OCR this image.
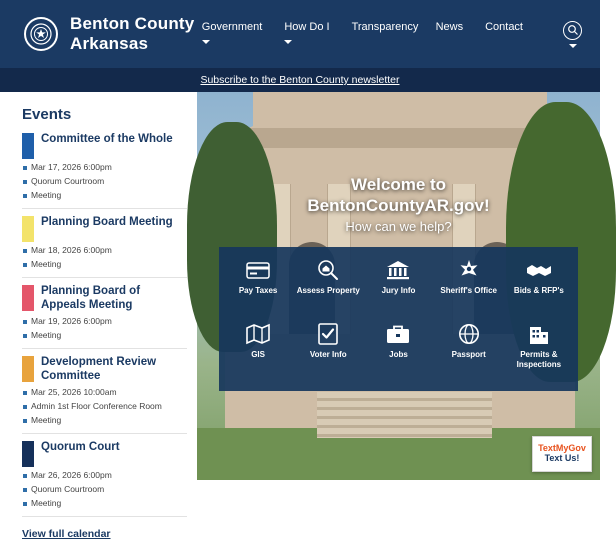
Benton County
Arkansas
Government How Do I Transparency News Contact
Subscribe to the Benton County newsletter
Events
Committee of the Whole
Mar 17, 2026 6:00pm
Quorum Courtroom
Meeting
Planning Board Meeting
Mar 18, 2026 6:00pm
Meeting
Planning Board of Appeals Meeting
Mar 19, 2026 6:00pm
Meeting
Development Review Committee
Mar 25, 2026 10:00am
Admin 1st Floor Conference Room
Meeting
Quorum Court
Mar 26, 2026 6:00pm
Quorum Courtroom
Meeting
View full calendar
Welcome to
BentonCountyAR.gov!
How can we help?
Pay Taxes Assess Property	Jury Info	Sheriff's Office Bids & RFP's
GIS	Voter Info	Jobs	Passport	Permits & Inspections
TextMyGov
Text Us!
